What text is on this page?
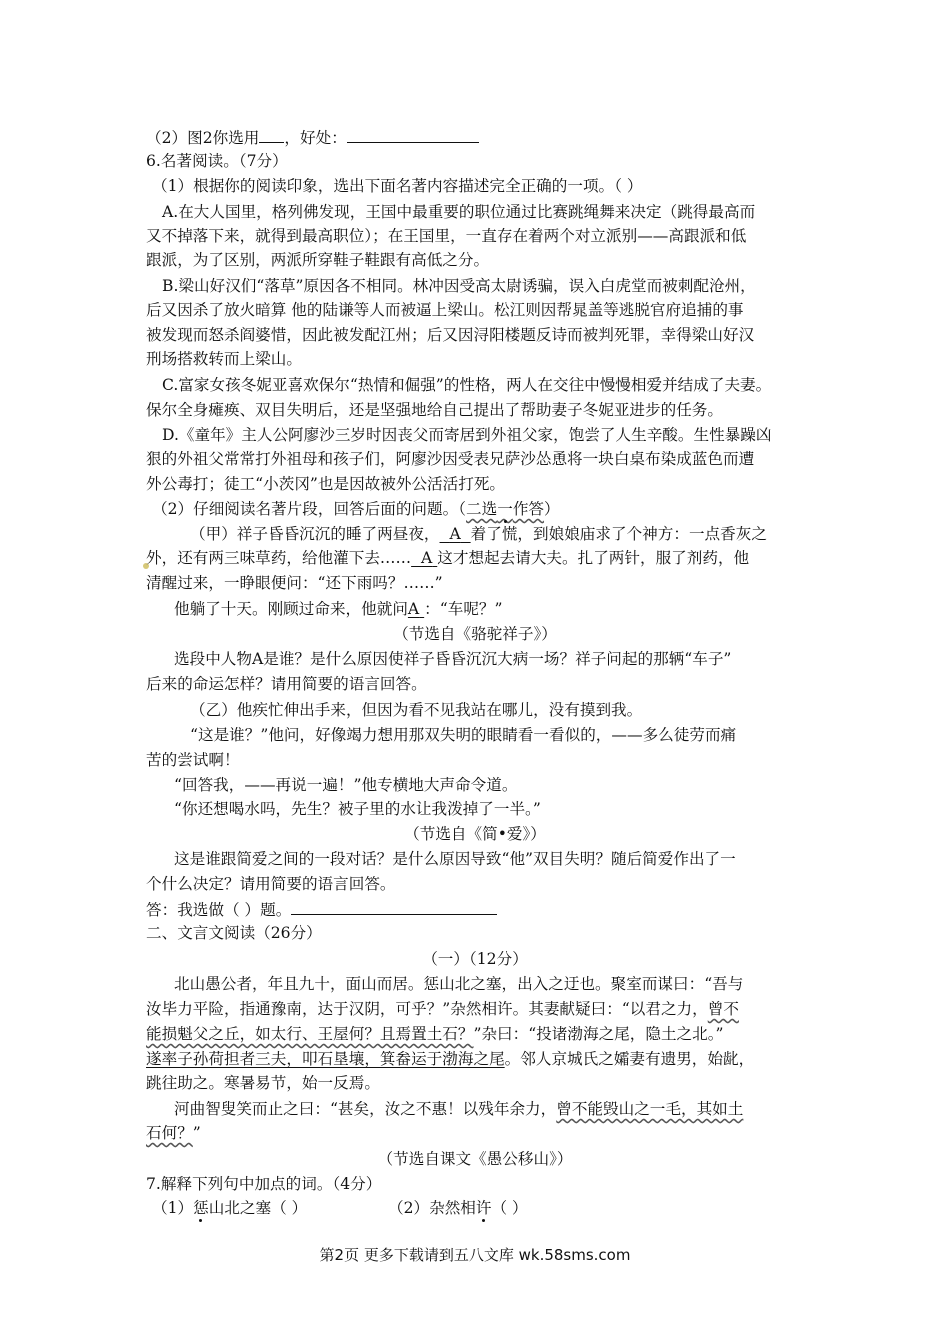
（2）图2你选用 ，好处：
6.名著阅读。（7分）
（1）根据你的阅读印象，选出下面名著内容描述完全正确的一项。（ ）
A.在大人国里，格列佛发现，王国中最重要的职位通过比赛跳绳舞来决定（跳得最高而
又不掉落下来，就得到最高职位）；在王国里，一直存在着两个对立派别——高跟派和低
跟派，为了区别，两派所穿鞋子鞋跟有高低之分。
B.梁山好汉们“落草”原因各不相同。林冲因受高太尉诱骗，误入白虎堂而被刺配沧州，
后又因杀了放火暗算 他的陆谦等人而被逼上梁山。松江则因帮晁盖等逃脱官府追捕的事
被发现而怒杀阎婆惜，因此被发配江州；后又因浔阳楼题反诗而被判死罪，幸得梁山好汉
刑场搭救转而上梁山。
C.富家女孩冬妮亚喜欢保尔“热情和倔强”的性格，两人在交往中慢慢相爱并结成了夫妻。
保尔全身瘫痪、双目失明后，还是坚强地给自己提出了帮助妻子冬妮亚进步的任务。
D.《童年》主人公阿廖沙三岁时因丧父而寄居到外祖父家，饱尝了人生辛酸。生性暴躁凶
狠的外祖父常常打外祖母和孩子们，阿廖沙因受表兄萨沙怂恿将一块白桌布染成蓝色而遭
外公毒打；徒工“小茨冈”也是因故被外公活活打死。
（2）仔细阅读名著片段，回答后面的问题。（二选一作答）
（甲）祥子昏昏沉沉的睡了两昼夜， A 着了慌，到娘娘庙求了个神方：一点香灰之
外，还有两三味草药，给他灌下去…… A 这才想起去请大夫。扎了两针，服了剂药，他
清醒过来，一睁眼便问：“还下雨吗？……”
他躺了十天。刚顾过命来，他就问A ：“车呢？”
（节选自《骆驼祥子》）
选段中人物A是谁？是什么原因使祥子昏昏沉沉大病一场？祥子问起的那辆“车子”
后来的命运怎样？请用简要的语言回答。
（乙）他疾忙伸出手来，但因为看不见我站在哪儿，没有摸到我。
“这是谁？”他问，好像竭力想用那双失明的眼睛看一看似的，——多么徒劳而痛
苦的尝试啊！
“回答我，——再说一遍！”他专横地大声命令道。
“你还想喝水吗，先生？被子里的水让我泼掉了一半。”
（节选自《简•爱》）
这是谁跟简爱之间的一段对话？是什么原因导致“他”双目失明？随后简爱作出了一
个什么决定？请用简要的语言回答。
答：我选做（ ）题。
二、文言文阅读（26分）
（一）（12分）
北山愚公者，年且九十，面山而居。惩山北之塞，出入之迂也。聚室而谋曰：“吾与
汝毕力平险，指通豫南，达于汉阴，可乎？”杂然相许。其妻献疑曰：“以君之力，曾不
能损魁父之丘，如太行、王屋何？且焉置土石？”杂曰：“投诸渤海之尾，隐土之北。”
遂率子孙荷担者三夫，叩石垦壤，箕畚运于渤海之尾。邻人京城氏之孀妻有遗男，始龀，
跳往助之。寒暑易节，始一反焉。
河曲智叟笑而止之曰：“甚矣，汝之不惠！以残年余力，曾不能毁山之一毛，其如土
石何？”
（节选自课文《愚公移山》）
7.解释下列句中加点的词。（4分）
（1）惩山北之塞（ ）	（2）杂然相许（ ）
第2页 更多下载请到五八文库 wk.58sms.com
